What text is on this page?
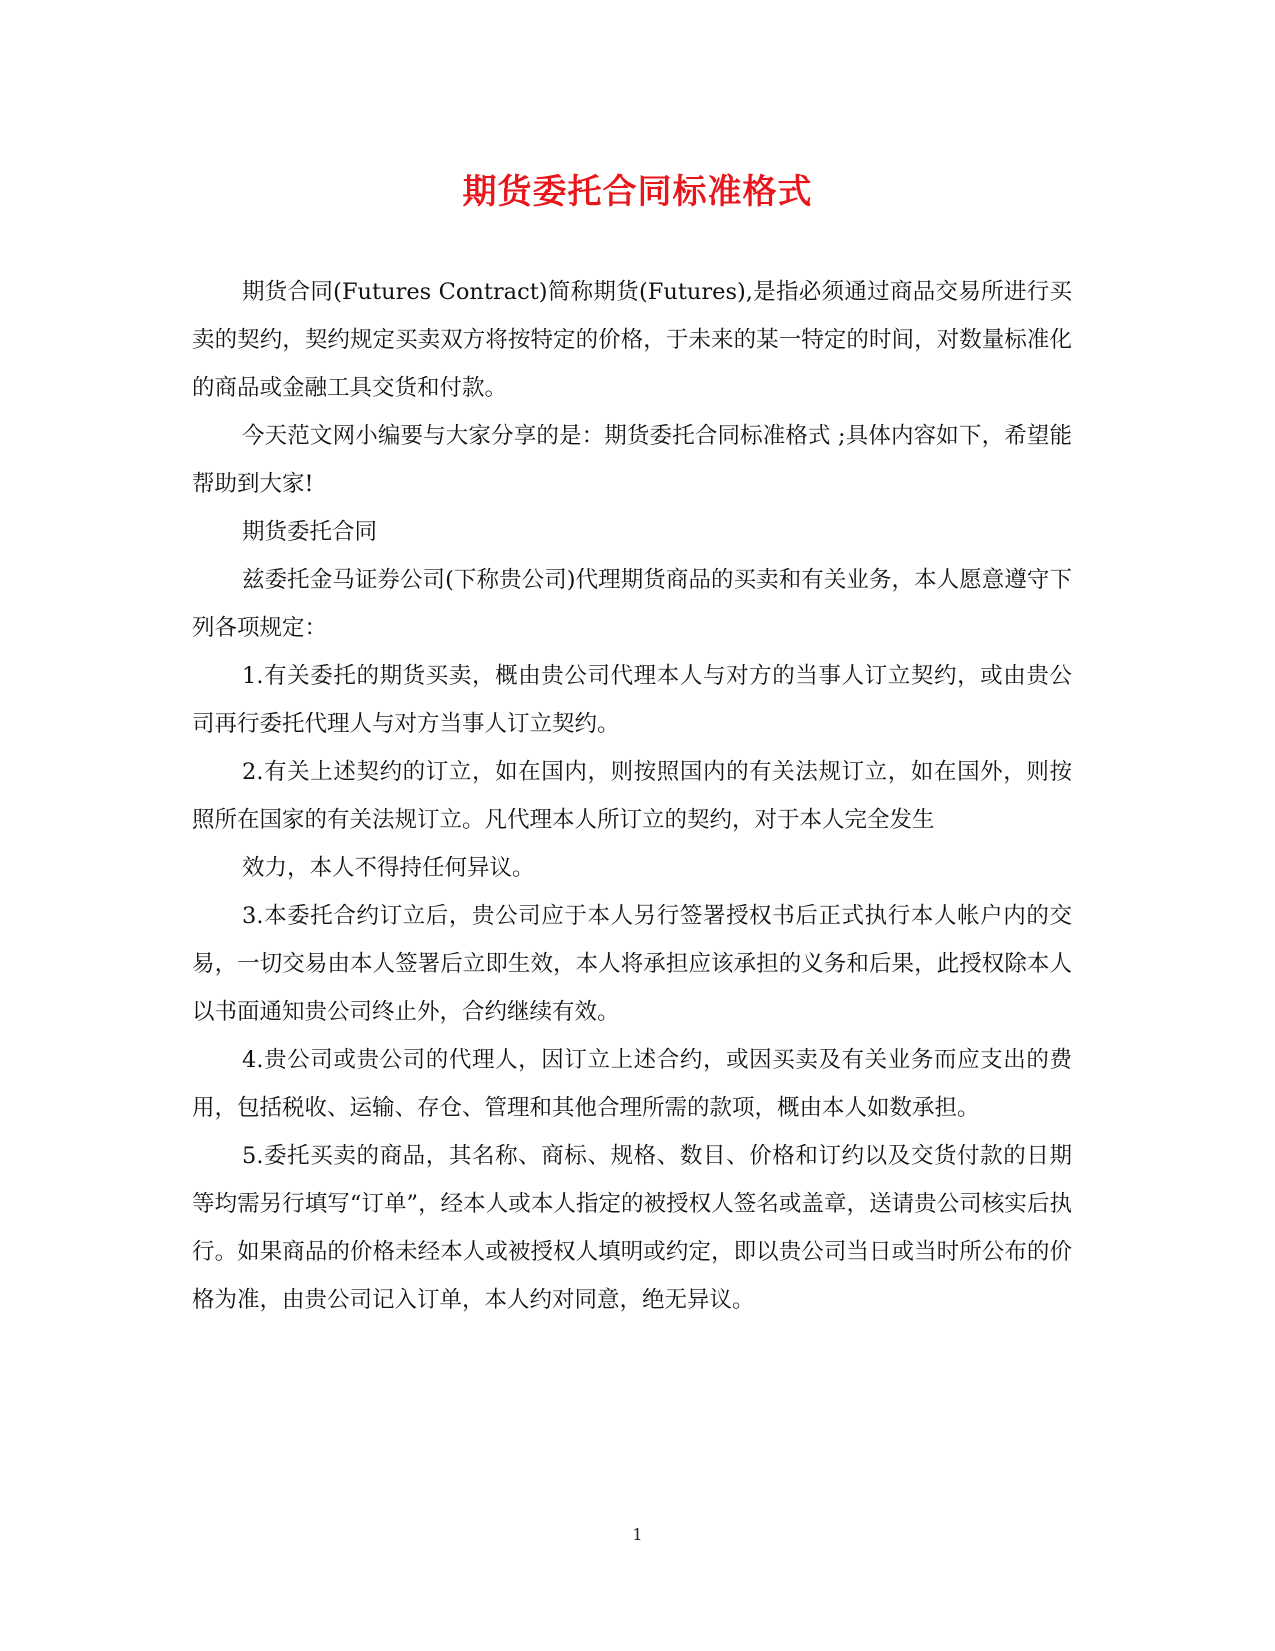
期货委托合同标准格式

期货合同(Futures Contract)简称期货(Futures),是指必须通过商品交易所进行买卖的契约，契约规定买卖双方将按特定的价格，于未来的某一特定的时间，对数量标准化的商品或金融工具交货和付款。

今天范文网小编要与大家分享的是：期货委托合同标准格式 ;具体内容如下，希望能帮助到大家!

期货委托合同

兹委托金马证券公司(下称贵公司)代理期货商品的买卖和有关业务，本人愿意遵守下列各项规定：

1.有关委托的期货买卖，概由贵公司代理本人与对方的当事人订立契约，或由贵公司再行委托代理人与对方当事人订立契约。

2.有关上述契约的订立，如在国内，则按照国内的有关法规订立，如在国外，则按照所在国家的有关法规订立。凡代理本人所订立的契约，对于本人完全发生

效力，本人不得持任何异议。

3.本委托合约订立后，贵公司应于本人另行签署授权书后正式执行本人帐户内的交易，一切交易由本人签署后立即生效，本人将承担应该承担的义务和后果，此授权除本人以书面通知贵公司终止外，合约继续有效。

4.贵公司或贵公司的代理人，因订立上述合约，或因买卖及有关业务而应支出的费用，包括税收、运输、存仓、管理和其他合理所需的款项，概由本人如数承担。

5.委托买卖的商品，其名称、商标、规格、数目、价格和订约以及交货付款的日期等均需另行填写“订单”，经本人或本人指定的被授权人签名或盖章，送请贵公司核实后执行。如果商品的价格未经本人或被授权人填明或约定，即以贵公司当日或当时所公布的价格为准，由贵公司记入订单，本人约对同意，绝无异议。

1
